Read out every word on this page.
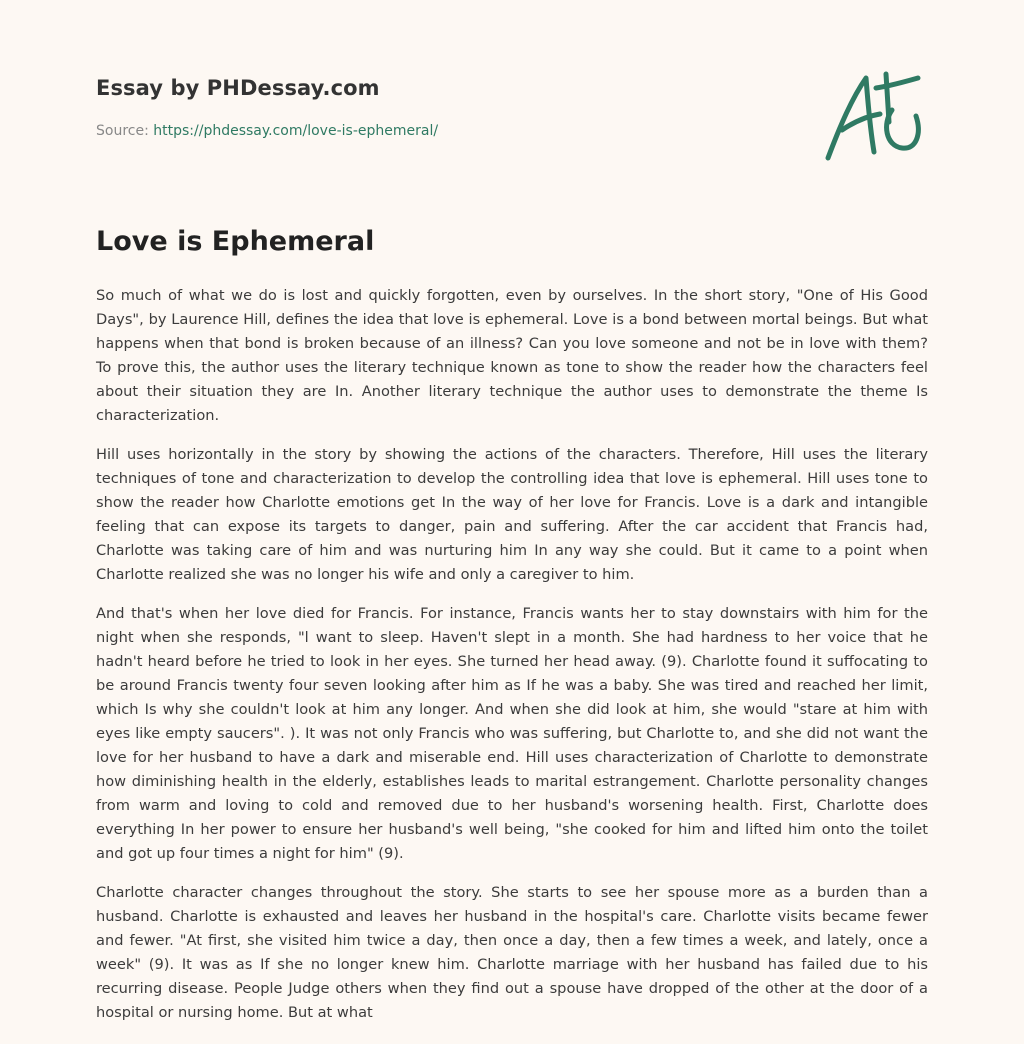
Essay by PHDessay.com
Source: https://phdessay.com/love-is-ephemeral/
Love is Ephemeral

So much of what we do is lost and quickly forgotten, even by ourselves. In the short story, "One of His Good Days", by Laurence Hill, defines the idea that love is ephemeral. Love is a bond between mortal beings. But what happens when that bond is broken because of an illness? Can you love someone and not be in love with them? To prove this, the author uses the literary technique known as tone to show the reader how the characters feel about their situation they are In. Another literary technique the author uses to demonstrate the theme Is characterization.

Hill uses horizontally in the story by showing the actions of the characters. Therefore, Hill uses the literary techniques of tone and characterization to develop the controlling idea that love is ephemeral. Hill uses tone to show the reader how Charlotte emotions get In the way of her love for Francis. Love is a dark and intangible feeling that can expose its targets to danger, pain and suffering. After the car accident that Francis had, Charlotte was taking care of him and was nurturing him In any way she could. But it came to a point when Charlotte realized she was no longer his wife and only a caregiver to him.

And that's when her love died for Francis. For instance, Francis wants her to stay downstairs with him for the night when she responds, "l want to sleep. Haven't slept in a month. She had hardness to her voice that he hadn't heard before he tried to look in her eyes. She turned her head away. (9). Charlotte found it suffocating to be around Francis twenty four seven looking after him as If he was a baby. She was tired and reached her limit, which Is why she couldn't look at him any longer. And when she did look at him, she would "stare at him with eyes like empty saucers". ). It was not only Francis who was suffering, but Charlotte to, and she did not want the love for her husband to have a dark and miserable end. Hill uses characterization of Charlotte to demonstrate how diminishing health in the elderly, establishes leads to marital estrangement. Charlotte personality changes from warm and loving to cold and removed due to her husband's worsening health. First, Charlotte does everything In her power to ensure her husband's well being, "she cooked for him and lifted him onto the toilet and got up four times a night for him" (9).

Charlotte character changes throughout the story. She starts to see her spouse more as a burden than a husband. Charlotte is exhausted and leaves her husband in the hospital's care. Charlotte visits became fewer and fewer. "At first, she visited him twice a day, then once a day, then a few times a week, and lately, once a week" (9). It was as If she no longer knew him. Charlotte marriage with her husband has failed due to his recurring disease. People Judge others when they find out a spouse have dropped of the other at the door of a hospital or nursing home. But at what
